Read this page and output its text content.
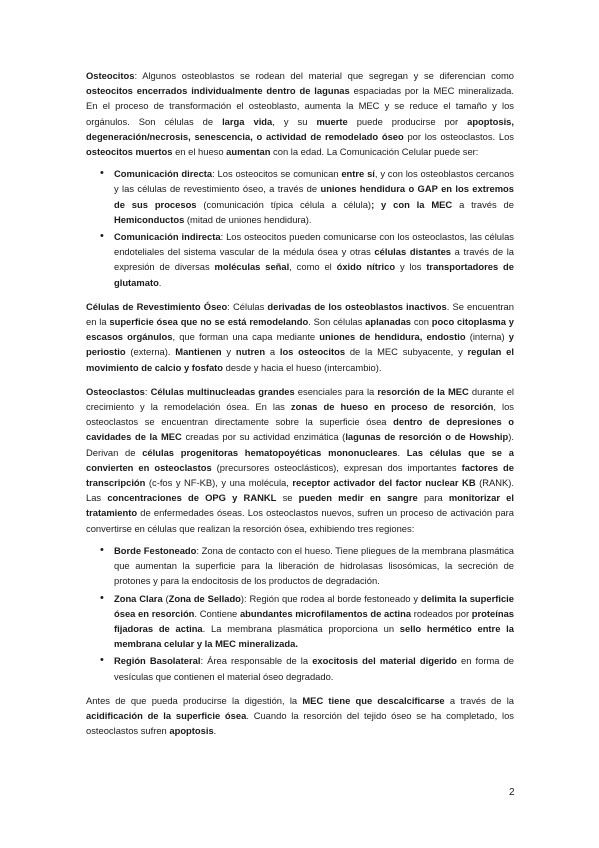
Osteocitos: Algunos osteoblastos se rodean del material que segregan y se diferencian como osteocitos encerrados individualmente dentro de lagunas espaciadas por la MEC mineralizada. En el proceso de transformación el osteoblasto, aumenta la MEC y se reduce el tamaño y los orgánulos. Son células de larga vida, y su muerte puede producirse por apoptosis, degeneración/necrosis, senescencia, o actividad de remodelado óseo por los osteoclastos. Los osteocitos muertos en el hueso aumentan con la edad. La Comunicación Celular puede ser:

• Comunicación directa: Los osteocitos se comunican entre sí, y con los osteoblastos cercanos y las células de revestimiento óseo, a través de uniones hendidura o GAP en los extremos de sus procesos (comunicación típica célula a célula); y con la MEC a través de Hemiconductos (mitad de uniones hendidura).
• Comunicación indirecta: Los osteocitos pueden comunicarse con los osteoclastos, las células endoteliales del sistema vascular de la médula ósea y otras células distantes a través de la expresión de diversas moléculas señal, como el óxido nítrico y los transportadores de glutamato.

Células de Revestimiento Óseo: Células derivadas de los osteoblastos inactivos. Se encuentran en la superficie ósea que no se está remodelando. Son células aplanadas con poco citoplasma y escasos orgánulos, que forman una capa mediante uniones de hendidura, endostio (interna) y periostio (externa). Mantienen y nutren a los osteocitos de la MEC subyacente, y regulan el movimiento de calcio y fosfato desde y hacia el hueso (intercambio).

Osteoclastos: Células multinucleadas grandes esenciales para la resorción de la MEC durante el crecimiento y la remodelación ósea. En las zonas de hueso en proceso de resorción, los osteoclastos se encuentran directamente sobre la superficie ósea dentro de depresiones o cavidades de la MEC creadas por su actividad enzimática (lagunas de resorción o de Howship). Derivan de células progenitoras hematopoyéticas mononucleares. Las células que se a convierten en osteoclastos (precursores osteoclásticos), expresan dos importantes factores de transcripción (c-fos y NF-KB), y una molécula, receptor activador del factor nuclear KB (RANK). Las concentraciones de OPG y RANKL se pueden medir en sangre para monitorizar el tratamiento de enfermedades óseas. Los osteoclastos nuevos, sufren un proceso de activación para convertirse en células que realizan la resorción ósea, exhibiendo tres regiones:

• Borde Festoneado: Zona de contacto con el hueso. Tiene pliegues de la membrana plasmática que aumentan la superficie para la liberación de hidrolasas lisosómicas, la secreción de protones y para la endocitosis de los productos de degradación.
• Zona Clara (Zona de Sellado): Región que rodea al borde festoneado y delimita la superficie ósea en resorción. Contiene abundantes microfilamentos de actina rodeados por proteínas fijadoras de actina. La membrana plasmática proporciona un sello hermético entre la membrana celular y la MEC mineralizada.
• Región Basolateral: Área responsable de la exocitosis del material digerido en forma de vesículas que contienen el material óseo degradado.

Antes de que pueda producirse la digestión, la MEC tiene que descalcificarse a través de la acidificación de la superficie ósea. Cuando la resorción del tejido óseo se ha completado, los osteoclastos sufren apoptosis.

2
